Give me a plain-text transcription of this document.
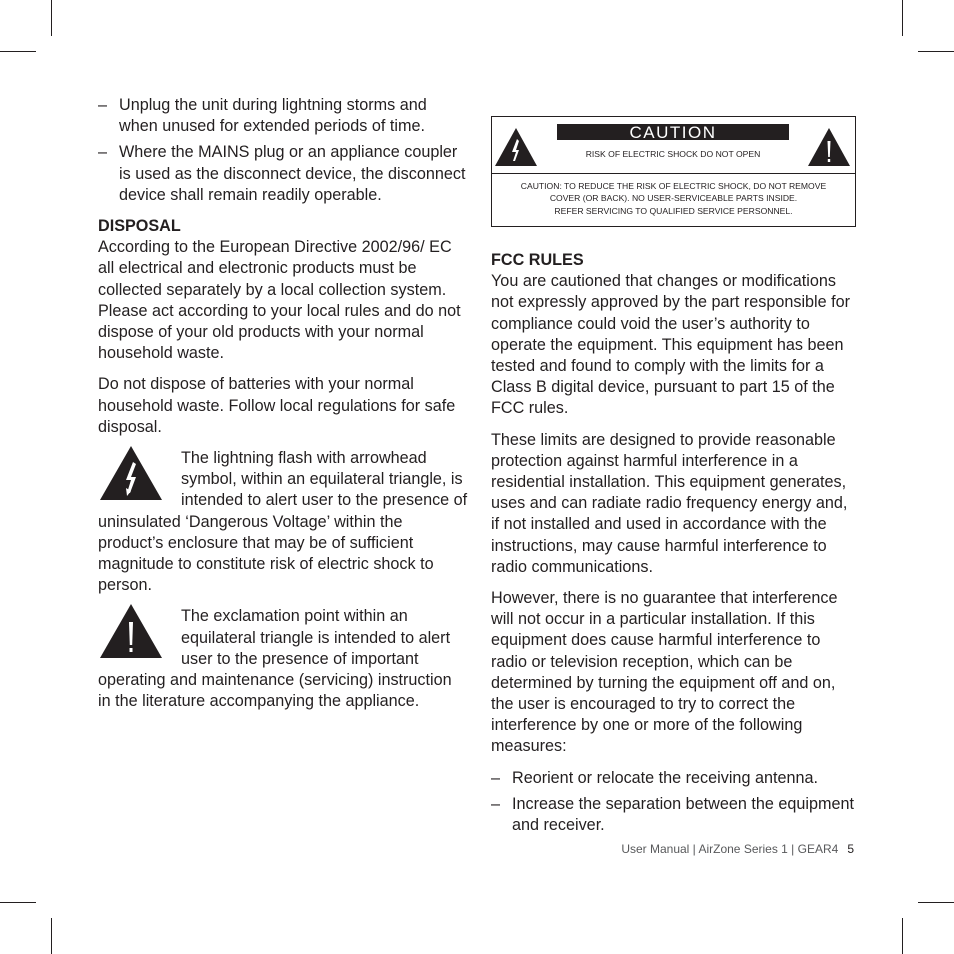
– Unplug the unit during lightning storms and when unused for extended periods of time.
– Where the MAINS plug or an appliance coupler is used as the disconnect device, the disconnect device shall remain readily operable.
DISPOSAL

According to the European Directive 2002/96/ EC all electrical and electronic products must be collected separately by a local collection system. Please act according to your local rules and do not dispose of your old products with your normal household waste.

Do not dispose of batteries with your normal household waste. Follow local regulations for safe disposal.

The lightning flash with arrowhead symbol, within an equilateral triangle, is intended to alert user to the presence of uninsulated ‘Dangerous Voltage’ within the product’s enclosure that may be of sufficient magnitude to constitute risk of electric shock to person.

The exclamation point within an equilateral triangle is intended to alert user to the presence of important operating and maintenance (servicing) instruction in the literature accompanying the appliance.

CAUTION
RISK OF ELECTRIC SHOCK DO NOT OPEN
CAUTION: TO REDUCE THE RISK OF ELECTRIC SHOCK, DO NOT REMOVE
COVER (OR BACK). NO USER-SERVICEABLE PARTS INSIDE.
REFER SERVICING TO QUALIFIED SERVICE PERSONNEL.
FCC RULES

You are cautioned that changes or modifications not expressly approved by the part responsible for compliance could void the user’s authority to operate the equipment. This equipment has been tested and found to comply with the limits for a Class B digital device, pursuant to part 15 of the FCC rules.

These limits are designed to provide reasonable protection against harmful interference in a residential installation. This equipment generates, uses and can radiate radio frequency energy and, if not installed and used in accordance with the instructions, may cause harmful interference to radio communications.

However, there is no guarantee that interference will not occur in a particular installation. If this equipment does cause harmful interference to radio or television reception, which can be determined by turning the equipment off and on, the user is encouraged to try to correct the interference by one or more of the following measures:

– Reorient or relocate the receiving antenna.
– Increase the separation between the equipment and receiver.
User Manual | AirZone Series 1 | GEAR4 5
